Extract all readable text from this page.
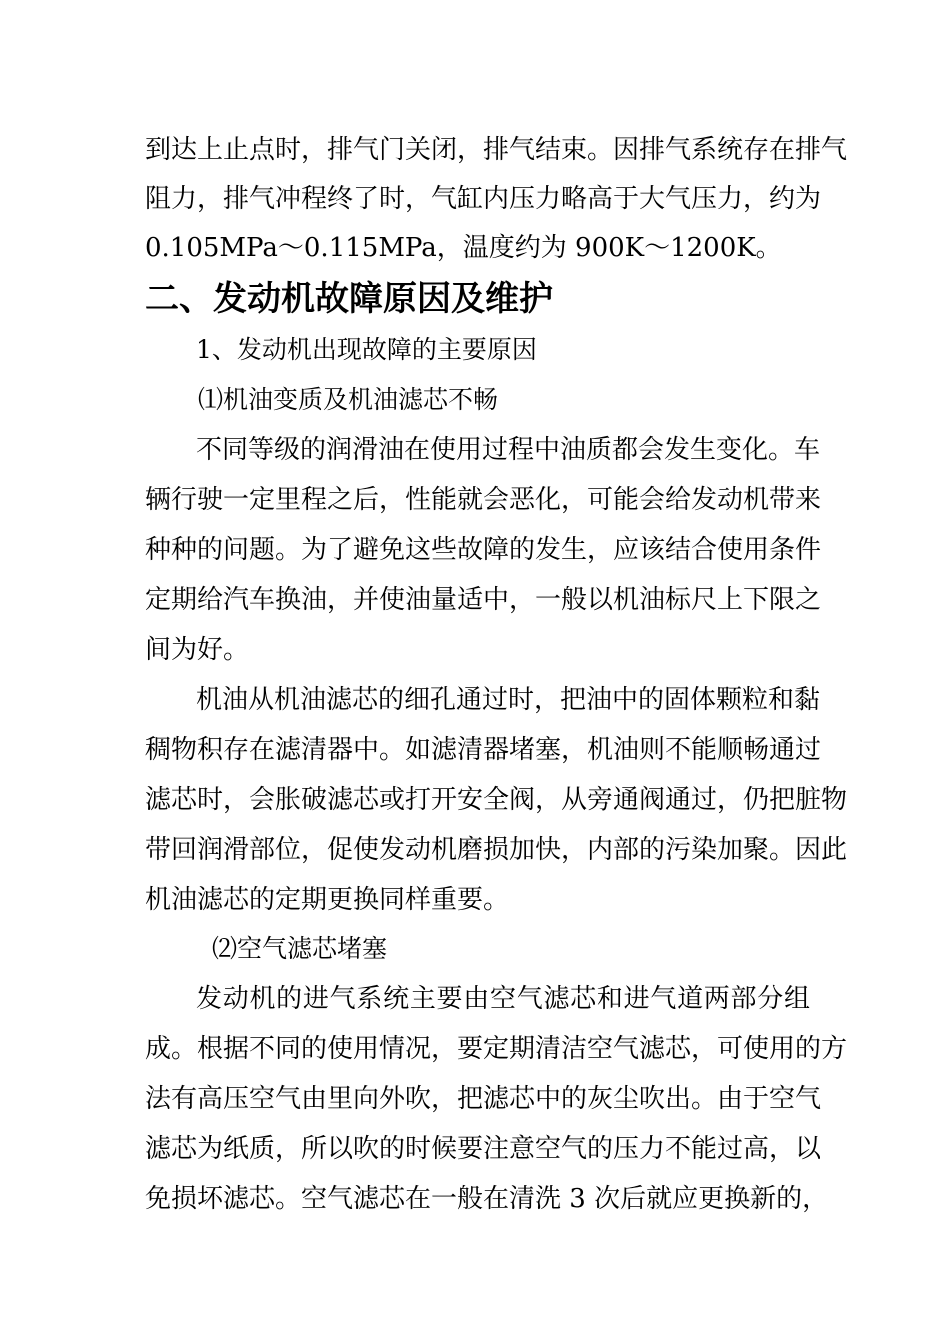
到达上止点时，排气门关闭，排气结束。因排气系统存在排气
阻力，排气冲程终了时，气缸内压力略高于大气压力，约为
0.105MPa～0.115MPa，温度约为 900K～1200K。
二、发动机故障原因及维护
1、发动机出现故障的主要原因
⑴机油变质及机油滤芯不畅
不同等级的润滑油在使用过程中油质都会发生变化。车
辆行驶一定里程之后，性能就会恶化，可能会给发动机带来
种种的问题。为了避免这些故障的发生，应该结合使用条件
定期给汽车换油，并使油量适中，一般以机油标尺上下限之
间为好。
机油从机油滤芯的细孔通过时，把油中的固体颗粒和黏
稠物积存在滤清器中。如滤清器堵塞，机油则不能顺畅通过
滤芯时，会胀破滤芯或打开安全阀，从旁通阀通过，仍把脏物
带回润滑部位，促使发动机磨损加快，内部的污染加聚。因此
机油滤芯的定期更换同样重要。
⑵空气滤芯堵塞
发动机的进气系统主要由空气滤芯和进气道两部分组
成。根据不同的使用情况，要定期清洁空气滤芯，可使用的方
法有高压空气由里向外吹，把滤芯中的灰尘吹出。由于空气
滤芯为纸质，所以吹的时候要注意空气的压力不能过高，以
免损坏滤芯。空气滤芯在一般在清洗 3 次后就应更换新的，
